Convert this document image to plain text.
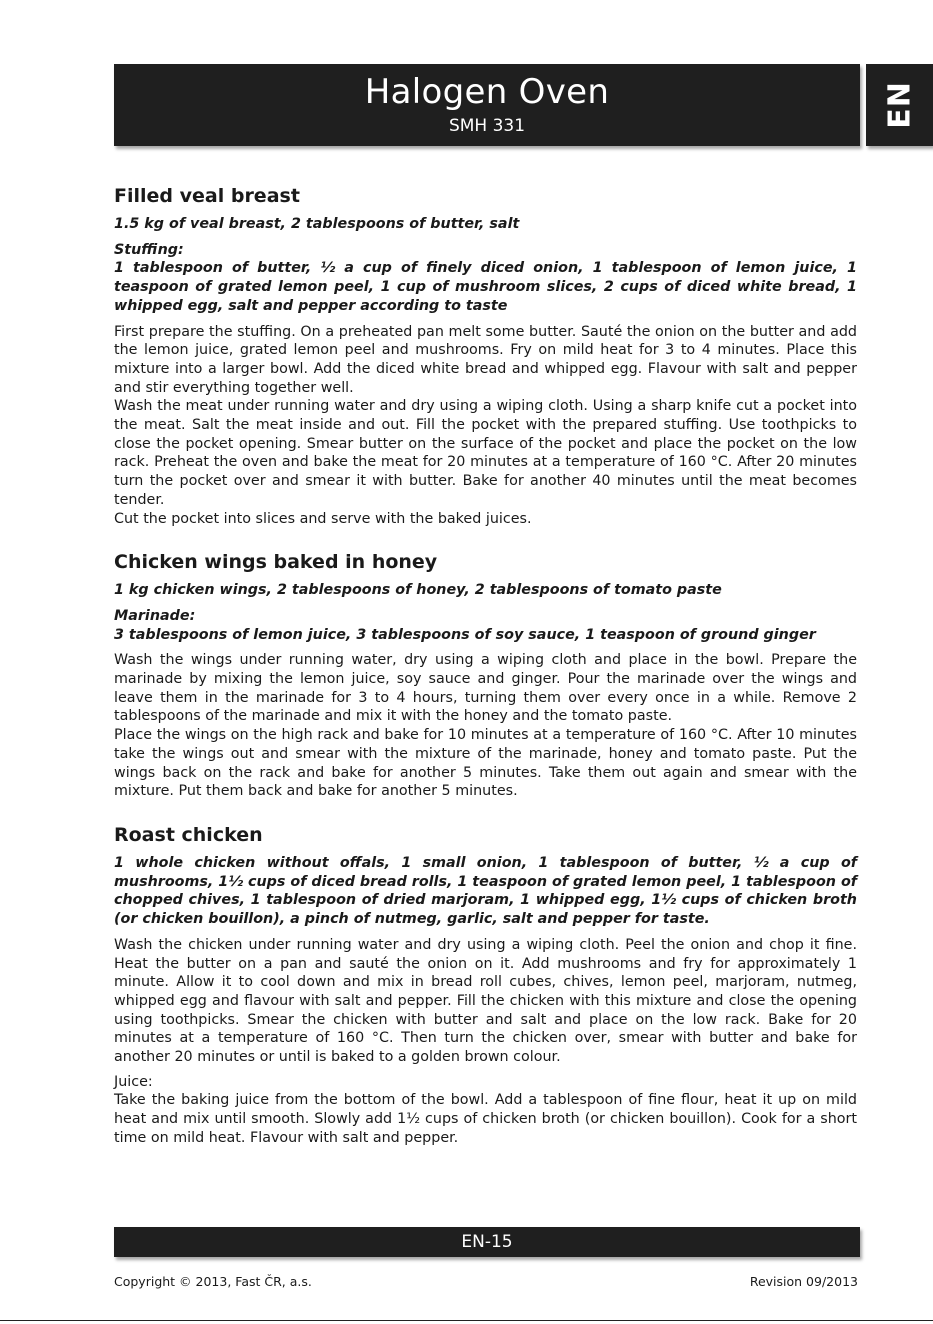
Halogen Oven
SMH 331	EN
Filled veal breast

1.5 kg of veal breast, 2 tablespoons of butter, salt

Stuffing:

1 tablespoon of butter, ½ a cup of finely diced onion, 1 tablespoon of lemon juice, 1 teaspoon of grated lemon peel, 1 cup of mushroom slices, 2 cups of diced white bread, 1 whipped egg, salt and pepper according to taste

First prepare the stuffing. On a preheated pan melt some butter. Sauté the onion on the butter and add the lemon juice, grated lemon peel and mushrooms. Fry on mild heat for 3 to 4 minutes. Place this mixture into a larger bowl. Add the diced white bread and whipped egg. Flavour with salt and pepper and stir everything together well.

Wash the meat under running water and dry using a wiping cloth. Using a sharp knife cut a pocket into the meat. Salt the meat inside and out. Fill the pocket with the prepared stuffing. Use toothpicks to close the pocket opening. Smear butter on the surface of the pocket and place the pocket on the low rack. Preheat the oven and bake the meat for 20 minutes at a temperature of 160 °C. After 20 minutes turn the pocket over and smear it with butter. Bake for another 40 minutes until the meat becomes tender.

Cut the pocket into slices and serve with the baked juices.

Chicken wings baked in honey

1 kg chicken wings, 2 tablespoons of honey, 2 tablespoons of tomato paste

Marinade:

3 tablespoons of lemon juice, 3 tablespoons of soy sauce, 1 teaspoon of ground ginger

Wash the wings under running water, dry using a wiping cloth and place in the bowl. Prepare the marinade by mixing the lemon juice, soy sauce and ginger. Pour the marinade over the wings and leave them in the marinade for 3 to 4 hours, turning them over every once in a while. Remove 2 tablespoons of the marinade and mix it with the honey and the tomato paste.

Place the wings on the high rack and bake for 10 minutes at a temperature of 160 °C. After 10 minutes take the wings out and smear with the mixture of the marinade, honey and tomato paste. Put the wings back on the rack and bake for another 5 minutes. Take them out again and smear with the mixture. Put them back and bake for another 5 minutes.

Roast chicken

1 whole chicken without offals, 1 small onion, 1 tablespoon of butter, ½ a cup of mushrooms, 1½ cups of diced bread rolls, 1 teaspoon of grated lemon peel, 1 tablespoon of chopped chives, 1 tablespoon of dried marjoram, 1 whipped egg, 1½ cups of chicken broth (or chicken bouillon), a pinch of nutmeg, garlic, salt and pepper for taste.

Wash the chicken under running water and dry using a wiping cloth. Peel the onion and chop it fine. Heat the butter on a pan and sauté the onion on it. Add mushrooms and fry for approximately 1 minute. Allow it to cool down and mix in bread roll cubes, chives, lemon peel, marjoram, nutmeg, whipped egg and flavour with salt and pepper. Fill the chicken with this mixture and close the opening using toothpicks. Smear the chicken with butter and salt and place on the low rack. Bake for 20 minutes at a temperature of 160 °C. Then turn the chicken over, smear with butter and bake for another 20 minutes or until is baked to a golden brown colour.

Juice:

Take the baking juice from the bottom of the bowl. Add a tablespoon of fine flour, heat it up on mild heat and mix until smooth. Slowly add 1½ cups of chicken broth (or chicken bouillon). Cook for a short time on mild heat. Flavour with salt and pepper.

EN-15
Copyright © 2013, Fast ČR, a.s.	Revision 09/2013
